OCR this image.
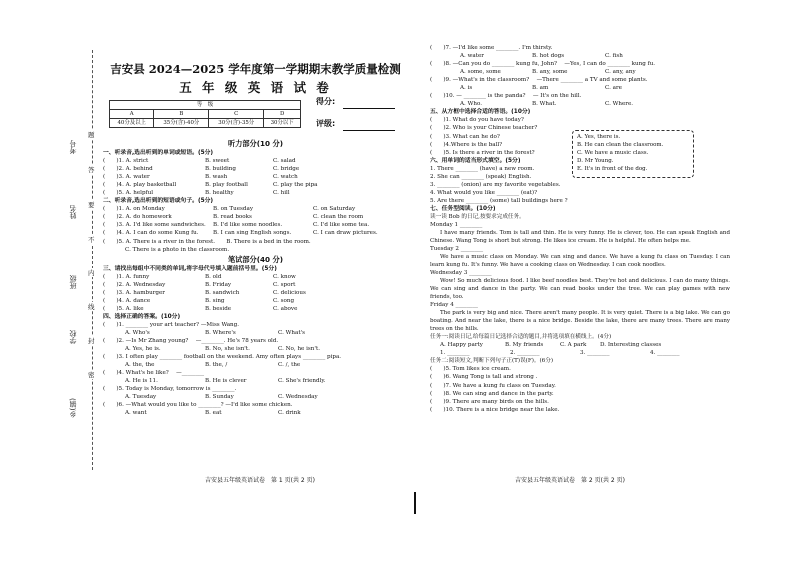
考号
姓名
班级
学校
乡(镇)
题
答
要
不
内
线
封
密
吉安县 2024—2025 学年度第一学期期末教学质量检测
五 年 级 英 语 试 卷
等　级			
A	B	C	D
40分及以上	35分(含)-40分	30分(含)-35分	30分以下
得分:
评级:
听力部分(10 分)
一、听录音,选出听到的单词或短语。(5分)
(　　)1. A. strict	B. sweet	C. salad
(　　)2. A. behind	B. building	C. bridge
(　　)3. A. water	B. wash	C. watch
(　　)4. A. play basketball	B. play football	C. play the pipa
(　　)5. A. helpful	B. healthy	C. hill
二、听录音,选出听到的短语或句子。(5分)
(　　)1. A. on Monday	B. on Tuesday	C. on Saturday
(　　)2. A. do homework	B. read books	C. clean the room
(　　)3. A. I'd like some sandwiches. B. I'd like some noodles.	C. I'd like some tea.
(　　)4. A. I can do some Kung fu.	B. I can sing English songs.	C. I can draw pictures.
(　　)5. A. There is a river in the forest.　　B. There is a bed in the room.
C. There is a photo in the classroom.
笔试部分(40 分)
三、请找出每组中不同类的单词,将字母代号填入题前括号里。(5分)
(　　)1. A. funny	B. old	C. know
(　　)2. A. Wednesday	B. Friday	C. sport
(　　)3. A. hamburger	B. sandwich	C. delicious
(　　)4. A. dance	B. sing	C. song
(　　)5. A. like	B. beside	C. above
四、选择正确的答案。(10分)
(　　)1. ________ your art teacher? —Miss Wang.
A. Who's	B. Where's	C. What's
(　　)2. —Is Mr Zhang young? 　—________. He's 78 years old.
A. Yes, he is.	B. No, she isn't.	C. No, he isn't.
(　　)3. I often play ________ football on the weekend. Amy often plays ________ pipa.
A. the, the	B. the, /	C. /, the
(　　)4. What's he like? 　—________
A. He is 11.	B. He is clever	C. She's friendly.
(　　)5. Today is Monday, tomorrow is ________.
A. Tuesday	B. Sunday	C. Wednesday
(　　)6. —What would you like to ________? —I'd like some chicken.
A. want	B. eat	C. drink
吉安县五年级英语试卷　第 1 页(共 2 页)
(　　)7. —I'd like some ________. I'm thirsty.
A. water	B. hot dogs	C. fish
(　　)8. —Can you do ________ kung fu, John? 　—Yes, I can do ________ kung fu.
A. some, some	B. any, some	C. any, any
(　　)9. —What's in the classroom? 　—There ________ a TV and some plants.
A. is	B. am	C. are
(　　)10. — ________ is the panda? 　— It's on the hill.
A. Who.	B. What.	C. Where.
五、从方框中选择合适的答语。(10分)
(　　)1. What do you have today?
(　　)2. Who is your Chinese teacher?
(　　)3. What can he do?
(　　)4.Where is the ball?
(　　)5. Is there a river in the forest?
A. Yes, there is.
B. He can clean the classroom.
C. We have a music class.
D. Mr Young.
E. It's in front of the dog.
六、用单词的适当形式填空。(5分)
1. There ________ (have) a new room.
2. She can ________ (speak) English.
3. ________ (onion) are my favorite vegetables.
4. What would you like ________ (eat)?
5. Are there ________ (some) tall buildings here ?
七、任务型阅读。(10分)
读一读 Bob 的日记,按要求完成任务。
Monday 1 ________
I have many friends. Tom is tall and thin. He is very funny. He is clever, too. He can speak English and Chinese. Wang Tong is short but strong. He likes ice cream. He is helpful. He often helps me.
Tuesday 2 ________
We have a music class on Monday. We can sing and dance. We have a kung fu class on Tuesday. I can learn kung fu. It's funny. We have a cooking class on Wednesday. I can cook noodles.
Wednesday 3 ________
Wow! So much delicious food. I like beef noodles best. They're hot and delicious. I can do many things. We can sing and dance in the party. We can read books under the tree. We can play games with new friends, too.
Friday 4 ________
The park is very big and nice. There aren't many people. It is very quiet. There is a big lake. We can go boating. And near the lake, there is a nice bridge. Beside the lake, there are many trees. There are many trees on the hills.
任务一:阅读日记,给每篇日记选择合适的题目,并将选项填在横线上。(4分)
A. Happy party	B. My friends	C. A park D. Interesting classes
1. ________	2. ________	3. ________	4. ________
任务二:阅读短文,判断下列句子正(T)误(F)。(6分)
(　　)5. Tom likes ice cream.
(　　)6. Wang Tong is tall and strong .
(　　)7. We have a kung fu class on Tuesday.
(　　)8. We can sing and dance in the party.
(　　)9. There are many birds on the hills.
(　　)10. There is a nice bridge near the lake.
吉安县五年级英语试卷　第 2 页(共 2 页)
